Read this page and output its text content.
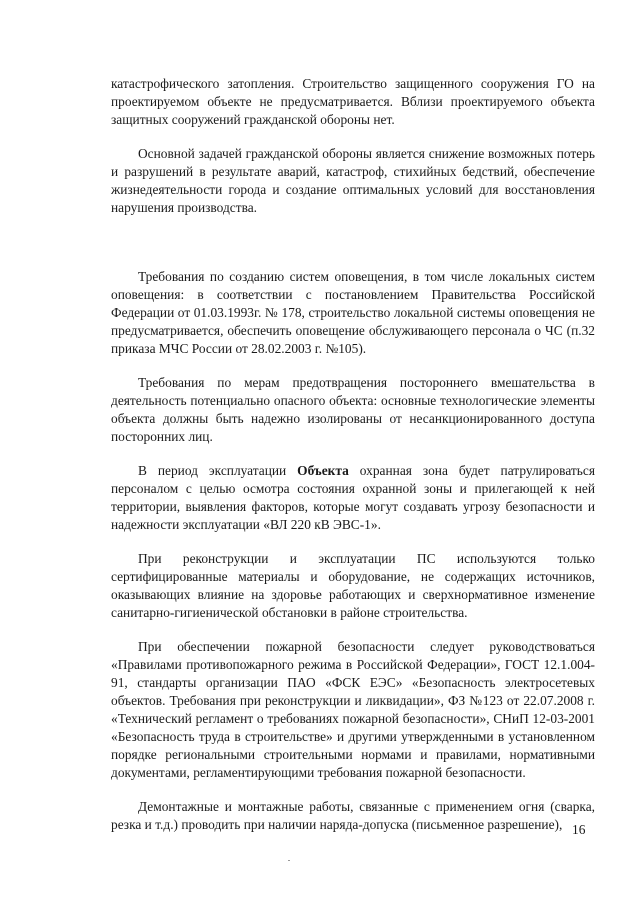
катастрофического затопления. Строительство защищенного сооружения ГО на проектируемом объекте не предусматривается. Вблизи проектируемого объекта защитных сооружений гражданской обороны нет.

Основной задачей гражданской обороны является снижение возможных потерь и разрушений в результате аварий, катастроф, стихийных бедствий, обеспечение жизнедеятельности города и создание оптимальных условий для восстановления нарушения производства.

Требования по созданию систем оповещения, в том числе локальных систем оповещения: в соответствии с постановлением Правительства Российской Федерации от 01.03.1993г. № 178, строительство локальной системы оповещения не предусматривается, обеспечить оповещение обслуживающего персонала о ЧС (п.32 приказа МЧС России от 28.02.2003 г. №105).

Требования по мерам предотвращения постороннего вмешательства в деятельность потенциально опасного объекта: основные технологические элементы объекта должны быть надежно изолированы от несанкционированного доступа посторонних лиц.

В период эксплуатации Объекта охранная зона будет патрулироваться персоналом с целью осмотра состояния охранной зоны и прилегающей к ней территории, выявления факторов, которые могут создавать угрозу безопасности и надежности эксплуатации «ВЛ 220 кВ ЭВС-1».

При реконструкции и эксплуатации ПС используются только сертифицированные материалы и оборудование, не содержащих источников, оказывающих влияние на здоровье работающих и сверхнормативное изменение санитарно-гигиенической обстановки в районе строительства.

При обеспечении пожарной безопасности следует руководствоваться «Правилами противопожарного режима в Российской Федерации», ГОСТ 12.1.004-91, стандарты организации ПАО «ФСК ЕЭС» «Безопасность электросетевых объектов. Требования при реконструкции и ликвидации», ФЗ №123 от 22.07.2008 г. «Технический регламент о требованиях пожарной безопасности», СНиП 12-03-2001 «Безопасность труда в строительстве» и другими утвержденными в установленном порядке региональными строительными нормами и правилами, нормативными документами, регламентирующими требования пожарной безопасности.

Демонтажные и монтажные работы, связанные с применением огня (сварка, резка и т.д.) проводить при наличии наряда-допуска (письменное разрешение), 16
